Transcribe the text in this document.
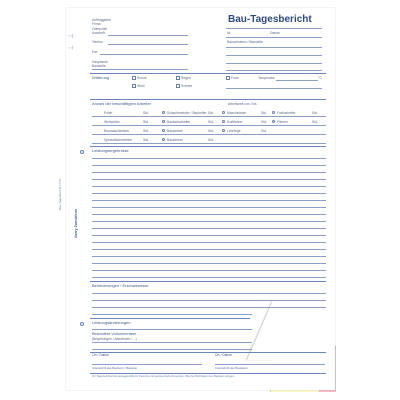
Bau-Tagesbericht
Auftraggeber
Firma
Oberpolier
Anschrift
Telefon
Fax
Hauptwerk
Baustelle
Nr.	Datum
Bauvorhaben / Baustelle
⊣
⊣
Witterung	Sonne	Regen	Frost	Temperatur	°C
Wind	Schnee
Anzahl der beschäftigten Arbeiter	Arbeitszeit von / bis
Polier	Std.	Schachtmeister / Bauhelfer Std.	Maschinisten	Std.	Facharbeiter	Std.
Werkpolier	Std.	Baufacharbeiter	Std.	Kraftfahrer	Std.	Fliesen	Std.
Baumaschinisten	Std.	Bauwerker	Std.	Lehrlinge	Std.
Spezialfacharbeiter	Std.	Bauwerker	Std.
Leistungsergebnisse
Bau-Tagesbericht 1773
Avery Zweckform
Behinderungen / Erschwernisse
Leistungsänderungen
Besondere Vorkommnisse
(Begehungen / Abnahmen / ...)
Ort / Datum	Ort / Datum
Unterschrift des Bauherrn / Bauleiter	Unterschrift des Bauleiters
Für Tagesberichte bitte aussagekräftig zur Kenntnis und gewissenhaft einzusenden. Bitte bei Rückfragen dem Bauleiter vorlegen.
